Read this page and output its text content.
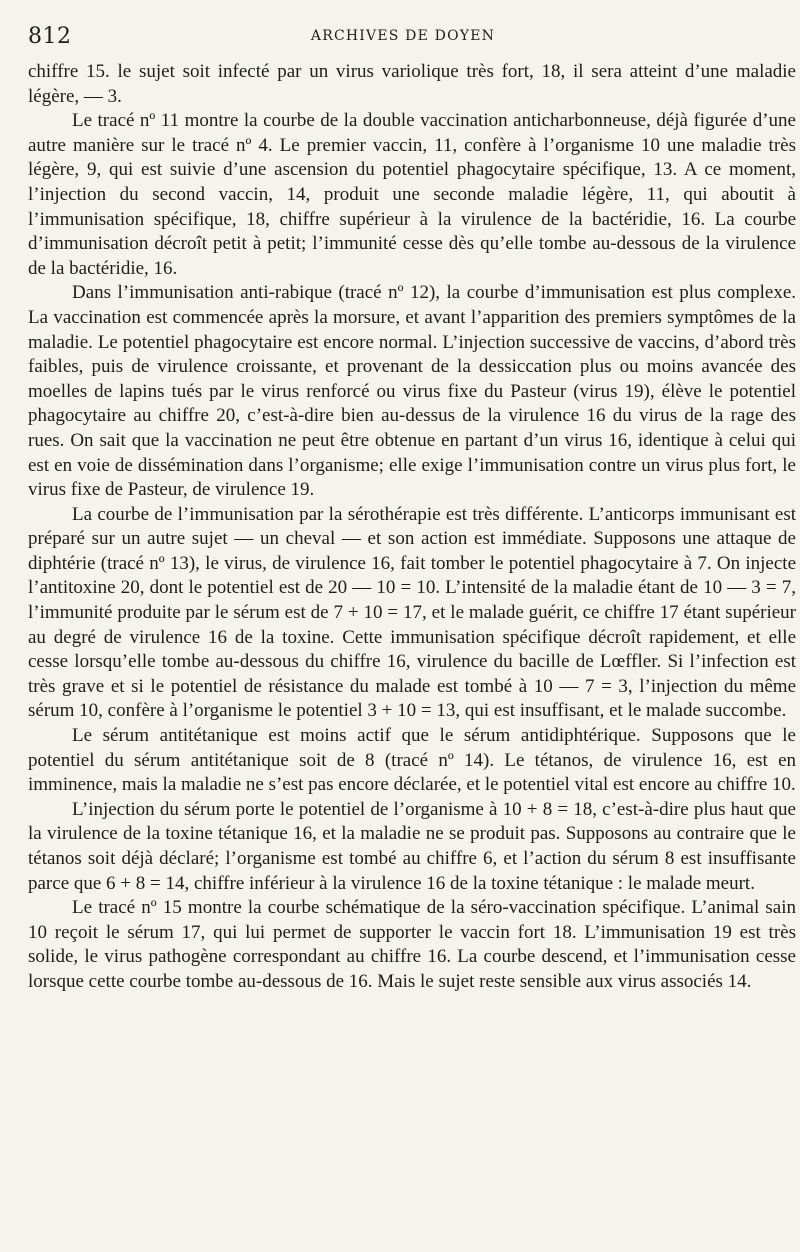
812	ARCHIVES DE DOYEN

chiffre 15. le sujet soit infecté par un virus variolique très fort, 18, il sera atteint d’une maladie légère, — 3.

Le tracé nº 11 montre la courbe de la double vaccination anticharbonneuse, déjà figurée d’une autre manière sur le tracé nº 4. Le premier vaccin, 11, confère à l’organisme 10 une maladie très légère, 9, qui est suivie d’une ascension du potentiel phagocytaire spécifique, 13. A ce moment, l’injection du second vaccin, 14, produit une seconde maladie légère, 11, qui aboutit à l’immunisation spécifique, 18, chiffre supérieur à la virulence de la bactéridie, 16. La courbe d’immunisation décroît petit à petit; l’immunité cesse dès qu’elle tombe au-dessous de la virulence de la bactéridie, 16.

Dans l’immunisation anti-rabique (tracé nº 12), la courbe d’immunisation est plus complexe. La vaccination est commencée après la morsure, et avant l’apparition des premiers symptômes de la maladie. Le potentiel phagocytaire est encore normal. L’injection successive de vaccins, d’abord très faibles, puis de virulence croissante, et provenant de la dessiccation plus ou moins avancée des moelles de lapins tués par le virus renforcé ou virus fixe du Pasteur (virus 19), élève le potentiel phagocytaire au chiffre 20, c’est-à-dire bien au-dessus de la virulence 16 du virus de la rage des rues. On sait que la vaccination ne peut être obtenue en partant d’un virus 16, identique à celui qui est en voie de dissémination dans l’organisme; elle exige l’immunisation contre un virus plus fort, le virus fixe de Pasteur, de virulence 19.

La courbe de l’immunisation par la sérothérapie est très différente. L’anticorps immunisant est préparé sur un autre sujet — un cheval — et son action est immédiate. Supposons une attaque de diphtérie (tracé nº 13), le virus, de virulence 16, fait tomber le potentiel phagocytaire à 7. On injecte l’antitoxine 20, dont le potentiel est de 20 — 10 = 10. L’intensité de la maladie étant de 10 — 3 = 7, l’immunité produite par le sérum est de 7 + 10 = 17, et le malade guérit, ce chiffre 17 étant supérieur au degré de virulence 16 de la toxine. Cette immunisation spécifique décroît rapidement, et elle cesse lorsqu’elle tombe au-dessous du chiffre 16, virulence du bacille de Lœffler. Si l’infection est très grave et si le potentiel de résistance du malade est tombé à 10 — 7 = 3, l’injection du même sérum 10, confère à l’organisme le potentiel 3 + 10 = 13, qui est insuffisant, et le malade succombe.

Le sérum antitétanique est moins actif que le sérum antidiphtérique. Supposons que le potentiel du sérum antitétanique soit de 8 (tracé nº 14). Le tétanos, de virulence 16, est en imminence, mais la maladie ne s’est pas encore déclarée, et le potentiel vital est encore au chiffre 10.

L’injection du sérum porte le potentiel de l’organisme à 10 + 8 = 18, c’est-à-dire plus haut que la virulence de la toxine tétanique 16, et la maladie ne se produit pas. Supposons au contraire que le tétanos soit déjà déclaré; l’organisme est tombé au chiffre 6, et l’action du sérum 8 est insuffisante parce que 6 + 8 = 14, chiffre inférieur à la virulence 16 de la toxine tétanique : le malade meurt.

Le tracé nº 15 montre la courbe schématique de la séro-vaccination spécifique. L’animal sain 10 reçoit le sérum 17, qui lui permet de supporter le vaccin fort 18. L’immunisation 19 est très solide, le virus pathogène correspondant au chiffre 16. La courbe descend, et l’immunisation cesse lorsque cette courbe tombe au-dessous de 16. Mais le sujet reste sensible aux virus associés 14.
